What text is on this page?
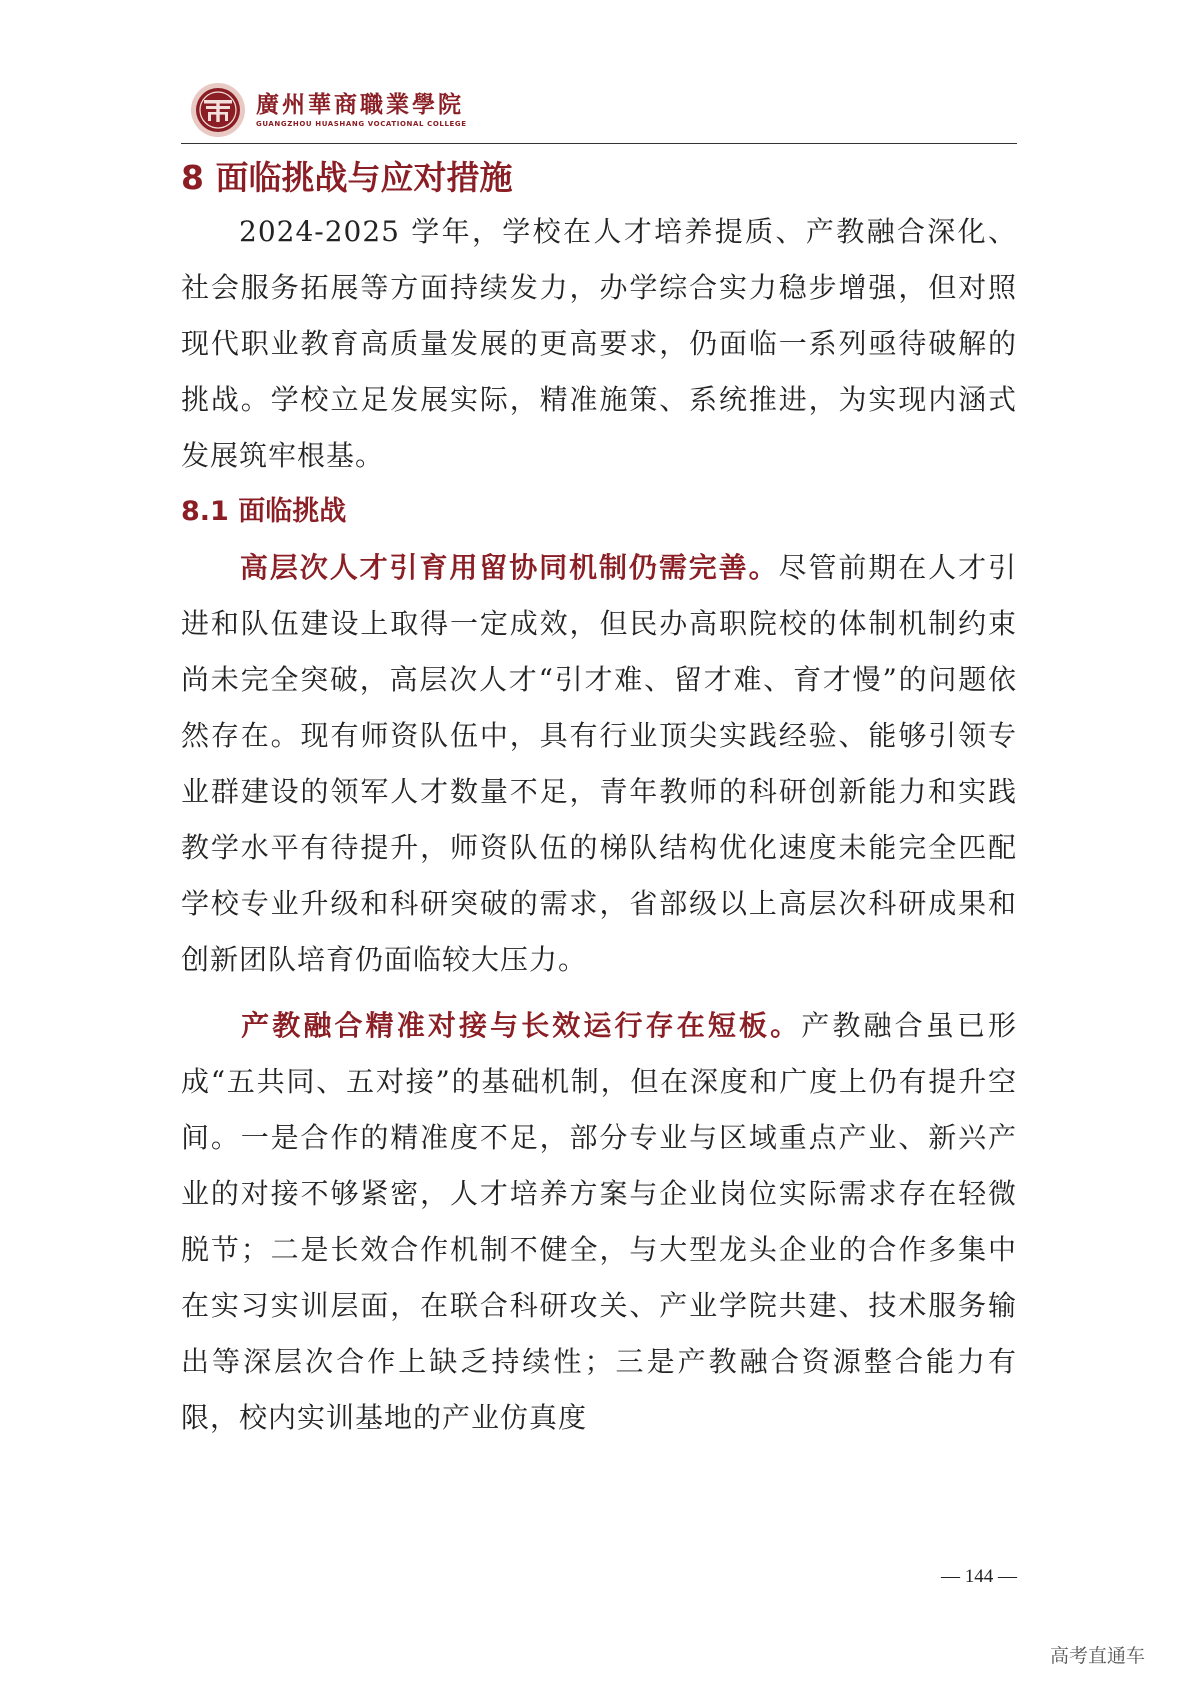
廣州華商職業學院
GUANGZHOU HUASHANG VOCATIONAL COLLEGE
8 面临挑战与应对措施

2024-2025 学年，学校在人才培养提质、产教融合深化、社会服务拓展等方面持续发力，办学综合实力稳步增强，但对照现代职业教育高质量发展的更高要求，仍面临一系列亟待破解的挑战。学校立足发展实际，精准施策、系统推进，为实现内涵式发展筑牢根基。

8.1 面临挑战

高层次人才引育用留协同机制仍需完善。尽管前期在人才引进和队伍建设上取得一定成效，但民办高职院校的体制机制约束尚未完全突破，高层次人才“引才难、留才难、育才慢”的问题依然存在。现有师资队伍中，具有行业顶尖实践经验、能够引领专业群建设的领军人才数量不足，青年教师的科研创新能力和实践教学水平有待提升，师资队伍的梯队结构优化速度未能完全匹配学校专业升级和科研突破的需求，省部级以上高层次科研成果和创新团队培育仍面临较大压力。

产教融合精准对接与长效运行存在短板。产教融合虽已形成“五共同、五对接”的基础机制，但在深度和广度上仍有提升空间。一是合作的精准度不足，部分专业与区域重点产业、新兴产业的对接不够紧密，人才培养方案与企业岗位实际需求存在轻微脱节；二是长效合作机制不健全，与大型龙头企业的合作多集中在实习实训层面，在联合科研攻关、产业学院共建、技术服务输出等深层次合作上缺乏持续性；三是产教融合资源整合能力有限，校内实训基地的产业仿真度

— 144 —
高考直通车
